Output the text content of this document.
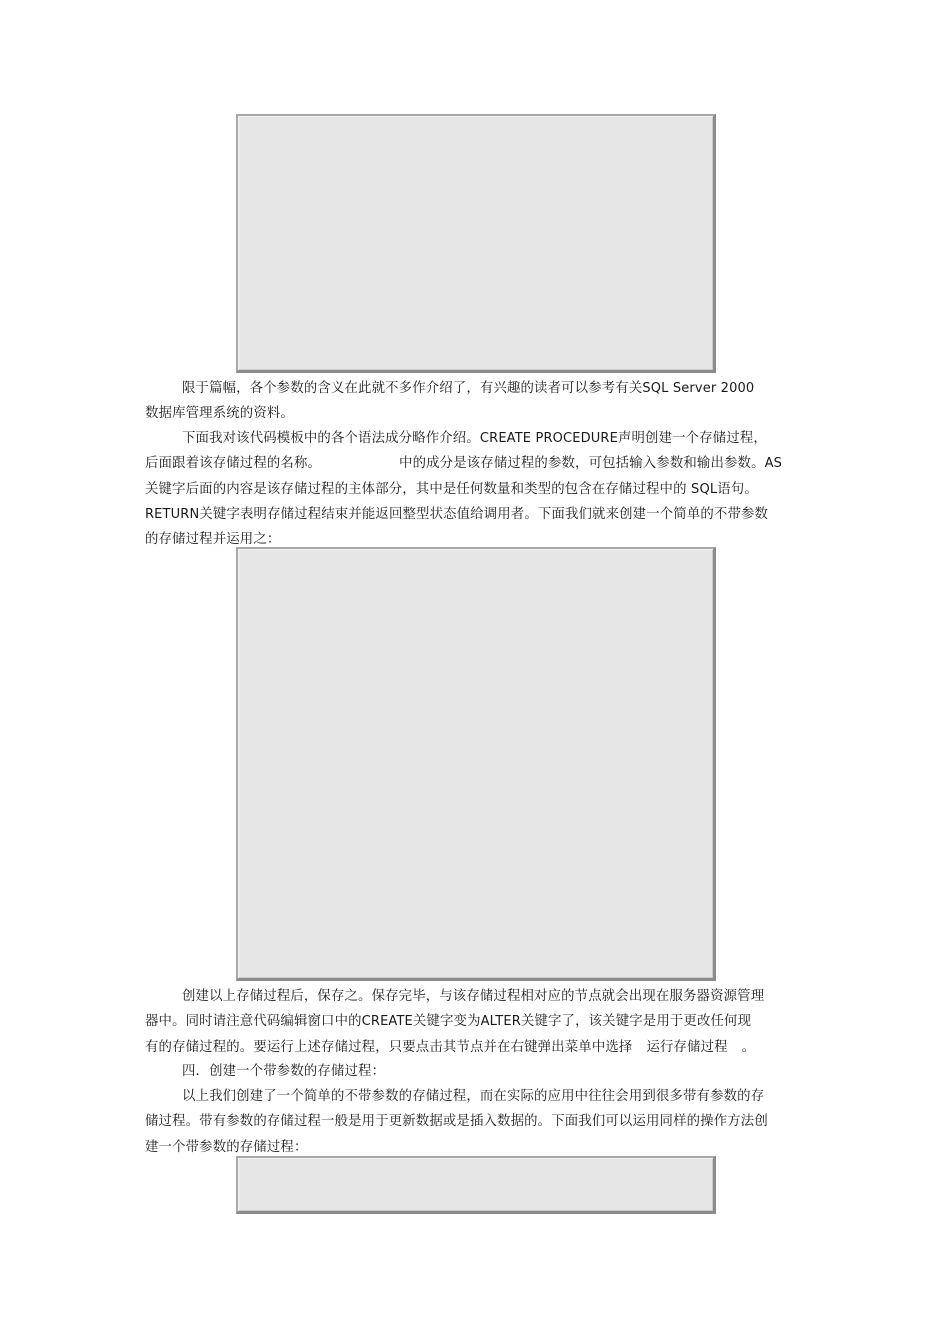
限于篇幅，各个参数的含义在此就不多作介绍了，有兴趣的读者可以参考有关SQL Server 2000
数据库管理系统的资料。

下面我对该代码模板中的各个语法成分略作介绍。CREATE PROCEDURE声明创建一个存储过程，
后面跟着该存储过程的名称。	中的成分是该存储过程的参数，可包括输入参数和输出参数。AS
关键字后面的内容是该存储过程的主体部分，其中是任何数量和类型的包含在存储过程中的 SQL语句。
RETURN关键字表明存储过程结束并能返回整型状态值给调用者。下面我们就来创建一个简单的不带参数
的存储过程并运用之：

创建以上存储过程后，保存之。保存完毕，与该存储过程相对应的节点就会出现在服务器资源管理
器中。同时请注意代码编辑窗口中的CREATE关键字变为ALTER关键字了，该关键字是用于更改任何现
有的存储过程的。要运行上述存储过程，只要点击其节点并在右键弹出菜单中选择 运行存储过程 。

四．创建一个带参数的存储过程：

以上我们创建了一个简单的不带参数的存储过程，而在实际的应用中往往会用到很多带有参数的存
储过程。带有参数的存储过程一般是用于更新数据或是插入数据的。下面我们可以运用同样的操作方法创
建一个带参数的存储过程：
